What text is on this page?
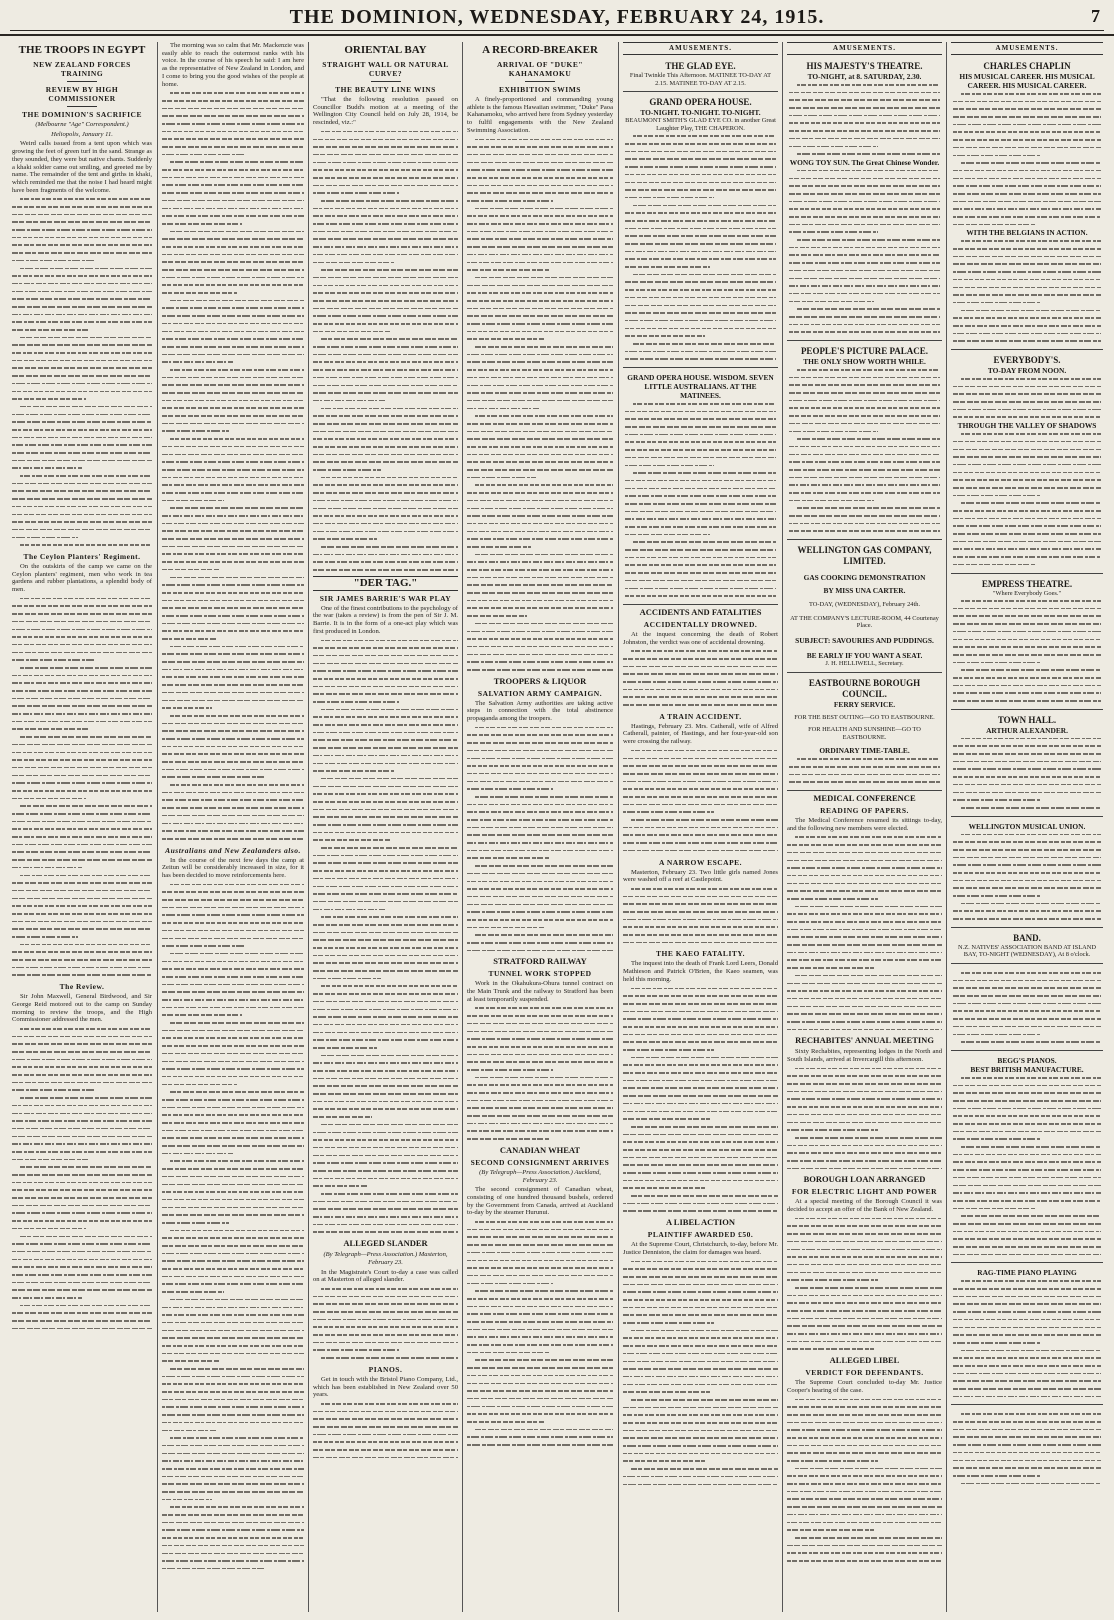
THE DOMINION, WEDNESDAY, FEBRUARY 24, 1915.	7
THE TROOPS IN EGYPT
NEW ZEALAND FORCES TRAINING
REVIEW BY HIGH COMMISSIONER
THE DOMINION'S SACRIFICE
(Melbourne "Age" Correspondent.)
Heliopolis, January 11.
Weird calls issued from a tent upon which was growing the feet of green turf in the sand. Strange as they sounded, they were but native chants. Suddenly a khaki soldier came out smiling, and greeted me by name. The remainder of the tent and girths in khaki, which reminded me that the noise I had heard might have been fragments of the welcome.
The Ceylon Planters' Regiment.
On the outskirts of the camp we came on the Ceylon planters' regiment, men who work in tea gardens and rubber plantations, a splendid body of men.
The Review.
Sir John Maxwell, General Birdwood, and Sir George Reid motored out to the camp on Sunday morning to review the troops, and the High Commissioner addressed the men.
The morning was so calm that Mr. Mackenzie was easily able to reach the outermost ranks with his voice. In the course of his speech he said: I am here as the representative of New Zealand in London, and I come to bring you the good wishes of the people at home.
Australians and New Zealanders also.
In the course of the next few days the camp at Zeitun will be considerably increased in size, for it has been decided to move reinforcements here.
ORIENTAL BAY
STRAIGHT WALL OR NATURAL CURVE?
THE BEAUTY LINE WINS
"That the following resolution passed on Councillor Budd's motion at a meeting of the Wellington City Council held on July 28, 1914, be rescinded, viz.:"
"DER TAG."
SIR JAMES BARRIE'S WAR PLAY
One of the finest contributions to the psychology of the war (takes a review) is from the pen of Sir J. M. Barrie. It is in the form of a one-act play which was first produced in London.
ALLEGED SLANDER
(By Telegraph—Press Association.) Masterton, February 23.
In the Magistrate's Court to-day a case was called on at Masterton of alleged slander.
PIANOS.
Get in touch with the Bristol Piano Company, Ltd., which has been established in New Zealand over 50 years.
A RECORD-BREAKER
ARRIVAL OF "DUKE" KAHANAMOKU
EXHIBITION SWIMS
A finely-proportioned and commanding young athlete is the famous Hawaiian swimmer, "Duke" Paoa Kahanamoku, who arrived here from Sydney yesterday to fulfil engagements with the New Zealand Swimming Association.
TROOPERS & LIQUOR
SALVATION ARMY CAMPAIGN.
The Salvation Army authorities are taking active steps in connection with the total abstinence propaganda among the troopers.
STRATFORD RAILWAY
TUNNEL WORK STOPPED
Work in the Okahukura-Ohura tunnel contract on the Main Trunk and the railway to Stratford has been at least temporarily suspended.
CANADIAN WHEAT
SECOND CONSIGNMENT ARRIVES
(By Telegraph—Press Association.) Auckland, February 23.
The second consignment of Canadian wheat, consisting of one hundred thousand bushels, ordered by the Government from Canada, arrived at Auckland to-day by the steamer Hurunui.
AMUSEMENTS.
THE GLAD EYE.
Final Twinkle This Afternoon. MATINEE TO-DAY AT 2.15. MATINEE TO-DAY AT 2.15.
GRAND OPERA HOUSE.
TO-NIGHT. TO-NIGHT. TO-NIGHT.
BEAUMONT SMITH'S GLAD EYE CO. in another Great Laughter Play, THE CHAPERON.
GRAND OPERA HOUSE. WISDOM. SEVEN LITTLE AUSTRALIANS. AT THE MATINEES.
ACCIDENTS AND FATALITIES
ACCIDENTALLY DROWNED.
At the inquest concerning the death of Robert Johnston, the verdict was one of accidental drowning.
A TRAIN ACCIDENT.
Hastings, February 23. Mrs. Catherall, wife of Alfred Catherall, painter, of Hastings, and her four-year-old son were crossing the railway.
A NARROW ESCAPE.
Masterton, February 23. Two little girls named Jones were washed off a reef at Castlepoint.
THE KAEO FATALITY.
The inquest into the death of Frank Lord Leers, Donald Mathieson and Patrick O'Brien, the Kaeo seamen, was held this morning.
A LIBEL ACTION
PLAINTIFF AWARDED £50.
At the Supreme Court, Christchurch, to-day, before Mr. Justice Denniston, the claim for damages was heard.
AMUSEMENTS.
HIS MAJESTY'S THEATRE.
TO-NIGHT, at 8. SATURDAY, 2.30.
WONG TOY SUN. The Great Chinese Wonder.
PEOPLE'S PICTURE PALACE.
THE ONLY SHOW WORTH WHILE.
WELLINGTON GAS COMPANY, LIMITED.
GAS COOKING DEMONSTRATION
BY MISS UNA CARTER.
TO-DAY, (WEDNESDAY), February 24th.
AT THE COMPANY'S LECTURE-ROOM, 44 Courtenay Place.
SUBJECT: SAVOURIES AND PUDDINGS.
BE EARLY IF YOU WANT A SEAT.
J. H. HELLIWELL, Secretary.
EASTBOURNE BOROUGH COUNCIL.
FERRY SERVICE.
FOR THE BEST OUTING—GO TO EASTBOURNE.
FOR HEALTH AND SUNSHINE—GO TO EASTBOURNE.
ORDINARY TIME-TABLE.
MEDICAL CONFERENCE
READING OF PAPERS.
The Medical Conference resumed its sittings to-day, and the following new members were elected.
RECHABITES' ANNUAL MEETING
Sixty Rechabites, representing lodges in the North and South Islands, arrived at Invercargill this afternoon.
BOROUGH LOAN ARRANGED
FOR ELECTRIC LIGHT AND POWER
At a special meeting of the Borough Council it was decided to accept an offer of the Bank of New Zealand.
ALLEGED LIBEL
VERDICT FOR DEFENDANTS.
The Supreme Court concluded to-day Mr. Justice Cooper's hearing of the case.
AMUSEMENTS.
CHARLES CHAPLIN
HIS MUSICAL CAREER. HIS MUSICAL CAREER. HIS MUSICAL CAREER.
WITH THE BELGIANS IN ACTION.
EVERYBODY'S.
TO-DAY FROM NOON.
THROUGH THE VALLEY OF SHADOWS
EMPRESS THEATRE.
"Where Everybody Goes."
TOWN HALL.
ARTHUR ALEXANDER.
WELLINGTON MUSICAL UNION.
BAND.
N.Z. NATIVES' ASSOCIATION BAND AT ISLAND BAY, TO-NIGHT (WEDNESDAY), At 8 o'clock.
BEGG'S PIANOS.
BEST BRITISH MANUFACTURE.
RAG-TIME PIANO PLAYING
